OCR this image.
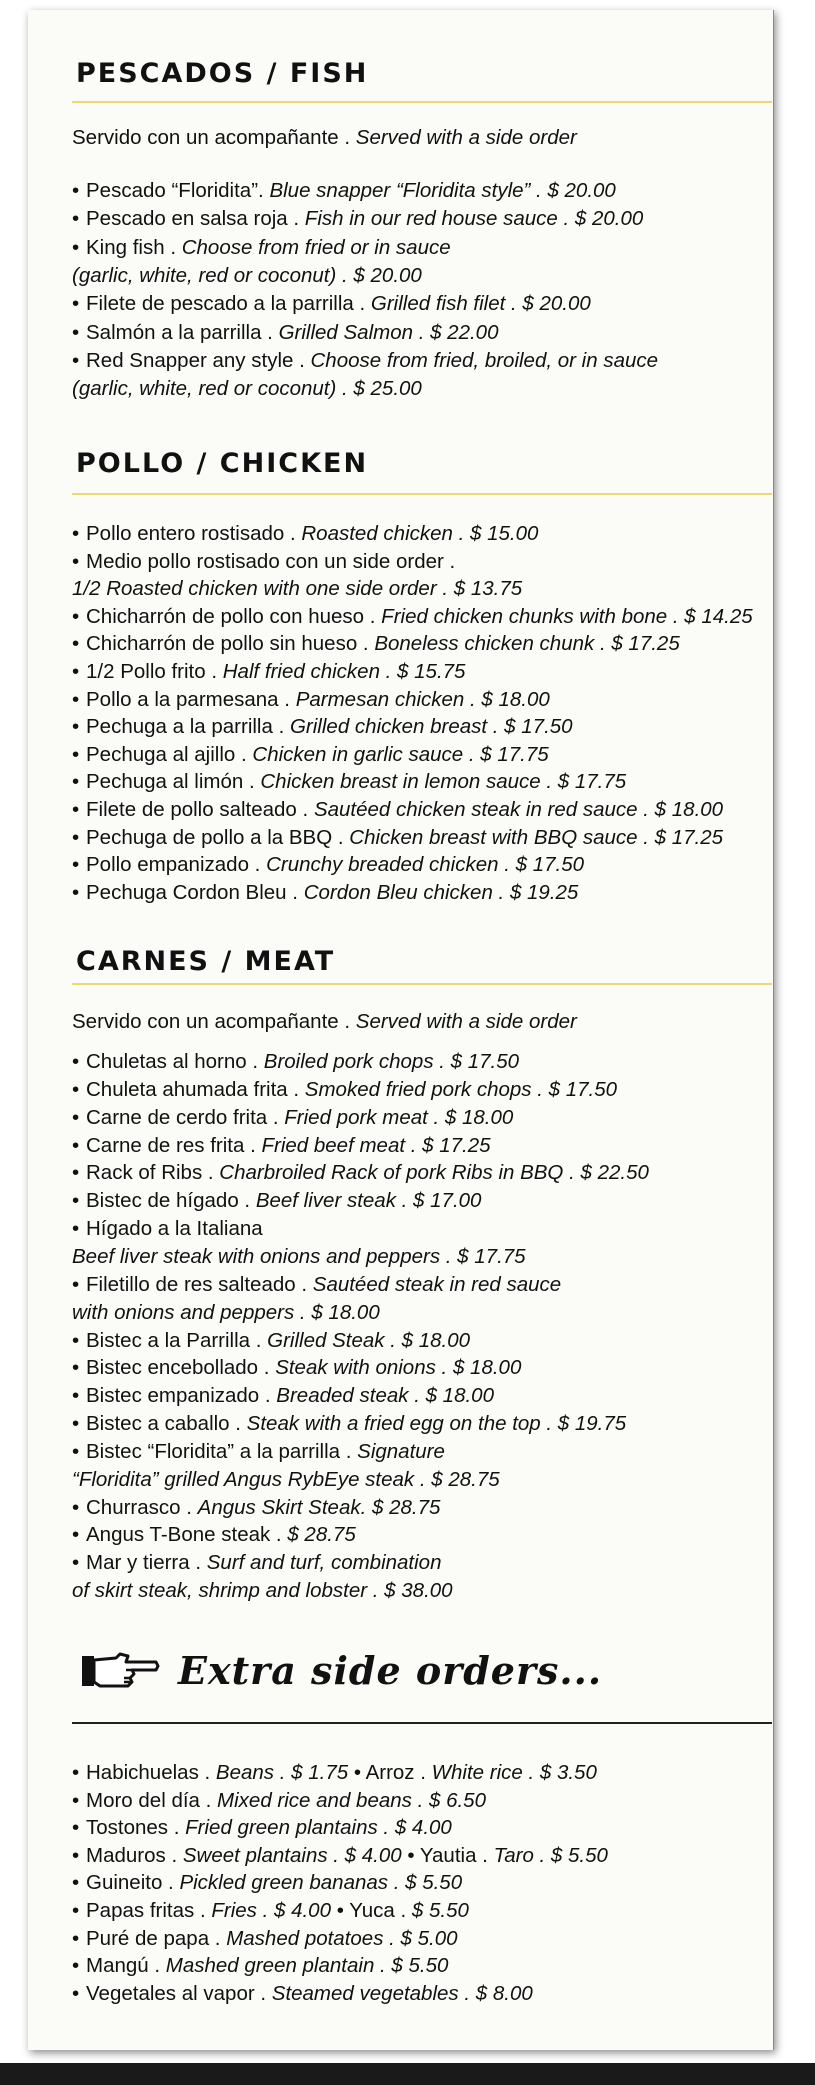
PESCADOS / FISH
Servido con un acompañante . Served with a side order
• Pescado “Floridita”. Blue snapper “Floridita style” . $ 20.00
• Pescado en salsa roja . Fish in our red house sauce . $ 20.00
• King fish . Choose from fried or in sauce
(garlic, white, red or coconut) . $ 20.00
• Filete de pescado a la parrilla . Grilled fish filet . $ 20.00
• Salmón a la parrilla . Grilled Salmon . $ 22.00
• Red Snapper any style . Choose from fried, broiled, or in sauce
(garlic, white, red or coconut) . $ 25.00
POLLO / CHICKEN
• Pollo entero rostisado . Roasted chicken . $ 15.00
• Medio pollo rostisado con un side order .
1/2 Roasted chicken with one side order . $ 13.75
• Chicharrón de pollo con hueso . Fried chicken chunks with bone . $ 14.25
• Chicharrón de pollo sin hueso . Boneless chicken chunk . $ 17.25
• 1/2 Pollo frito . Half fried chicken . $ 15.75
• Pollo a la parmesana . Parmesan chicken . $ 18.00
• Pechuga a la parrilla . Grilled chicken breast . $ 17.50
• Pechuga al ajillo . Chicken in garlic sauce . $ 17.75
• Pechuga al limón . Chicken breast in lemon sauce . $ 17.75
• Filete de pollo salteado . Sautéed chicken steak in red sauce . $ 18.00
• Pechuga de pollo a la BBQ . Chicken breast with BBQ sauce . $ 17.25
• Pollo empanizado . Crunchy breaded chicken . $ 17.50
• Pechuga Cordon Bleu . Cordon Bleu chicken . $ 19.25
CARNES / MEAT
Servido con un acompañante . Served with a side order
• Chuletas al horno . Broiled pork chops . $ 17.50
• Chuleta ahumada frita . Smoked fried pork chops . $ 17.50
• Carne de cerdo frita . Fried pork meat . $ 18.00
• Carne de res frita . Fried beef meat . $ 17.25
• Rack of Ribs . Charbroiled Rack of pork Ribs in BBQ . $ 22.50
• Bistec de hígado . Beef liver steak . $ 17.00
• Hígado a la Italiana
Beef liver steak with onions and peppers . $ 17.75
• Filetillo de res salteado . Sautéed steak in red sauce
with onions and peppers . $ 18.00
• Bistec a la Parrilla . Grilled Steak . $ 18.00
• Bistec encebollado . Steak with onions . $ 18.00
• Bistec empanizado . Breaded steak . $ 18.00
• Bistec a caballo . Steak with a fried egg on the top . $ 19.75
• Bistec “Floridita” a la parrilla . Signature
“Floridita” grilled Angus RybEye steak . $ 28.75
• Churrasco . Angus Skirt Steak. $ 28.75
• Angus T-Bone steak . $ 28.75
• Mar y tierra . Surf and turf, combination
of skirt steak, shrimp and lobster . $ 38.00
Extra side orders...
• Habichuelas . Beans . $ 1.75 • Arroz . White rice . $ 3.50
• Moro del día . Mixed rice and beans . $ 6.50
• Tostones . Fried green plantains . $ 4.00
• Maduros . Sweet plantains . $ 4.00 • Yautia . Taro . $ 5.50
• Guineito . Pickled green bananas . $ 5.50
• Papas fritas . Fries . $ 4.00 • Yuca . $ 5.50
• Puré de papa . Mashed potatoes . $ 5.00
• Mangú . Mashed green plantain . $ 5.50
• Vegetales al vapor . Steamed vegetables . $ 8.00
